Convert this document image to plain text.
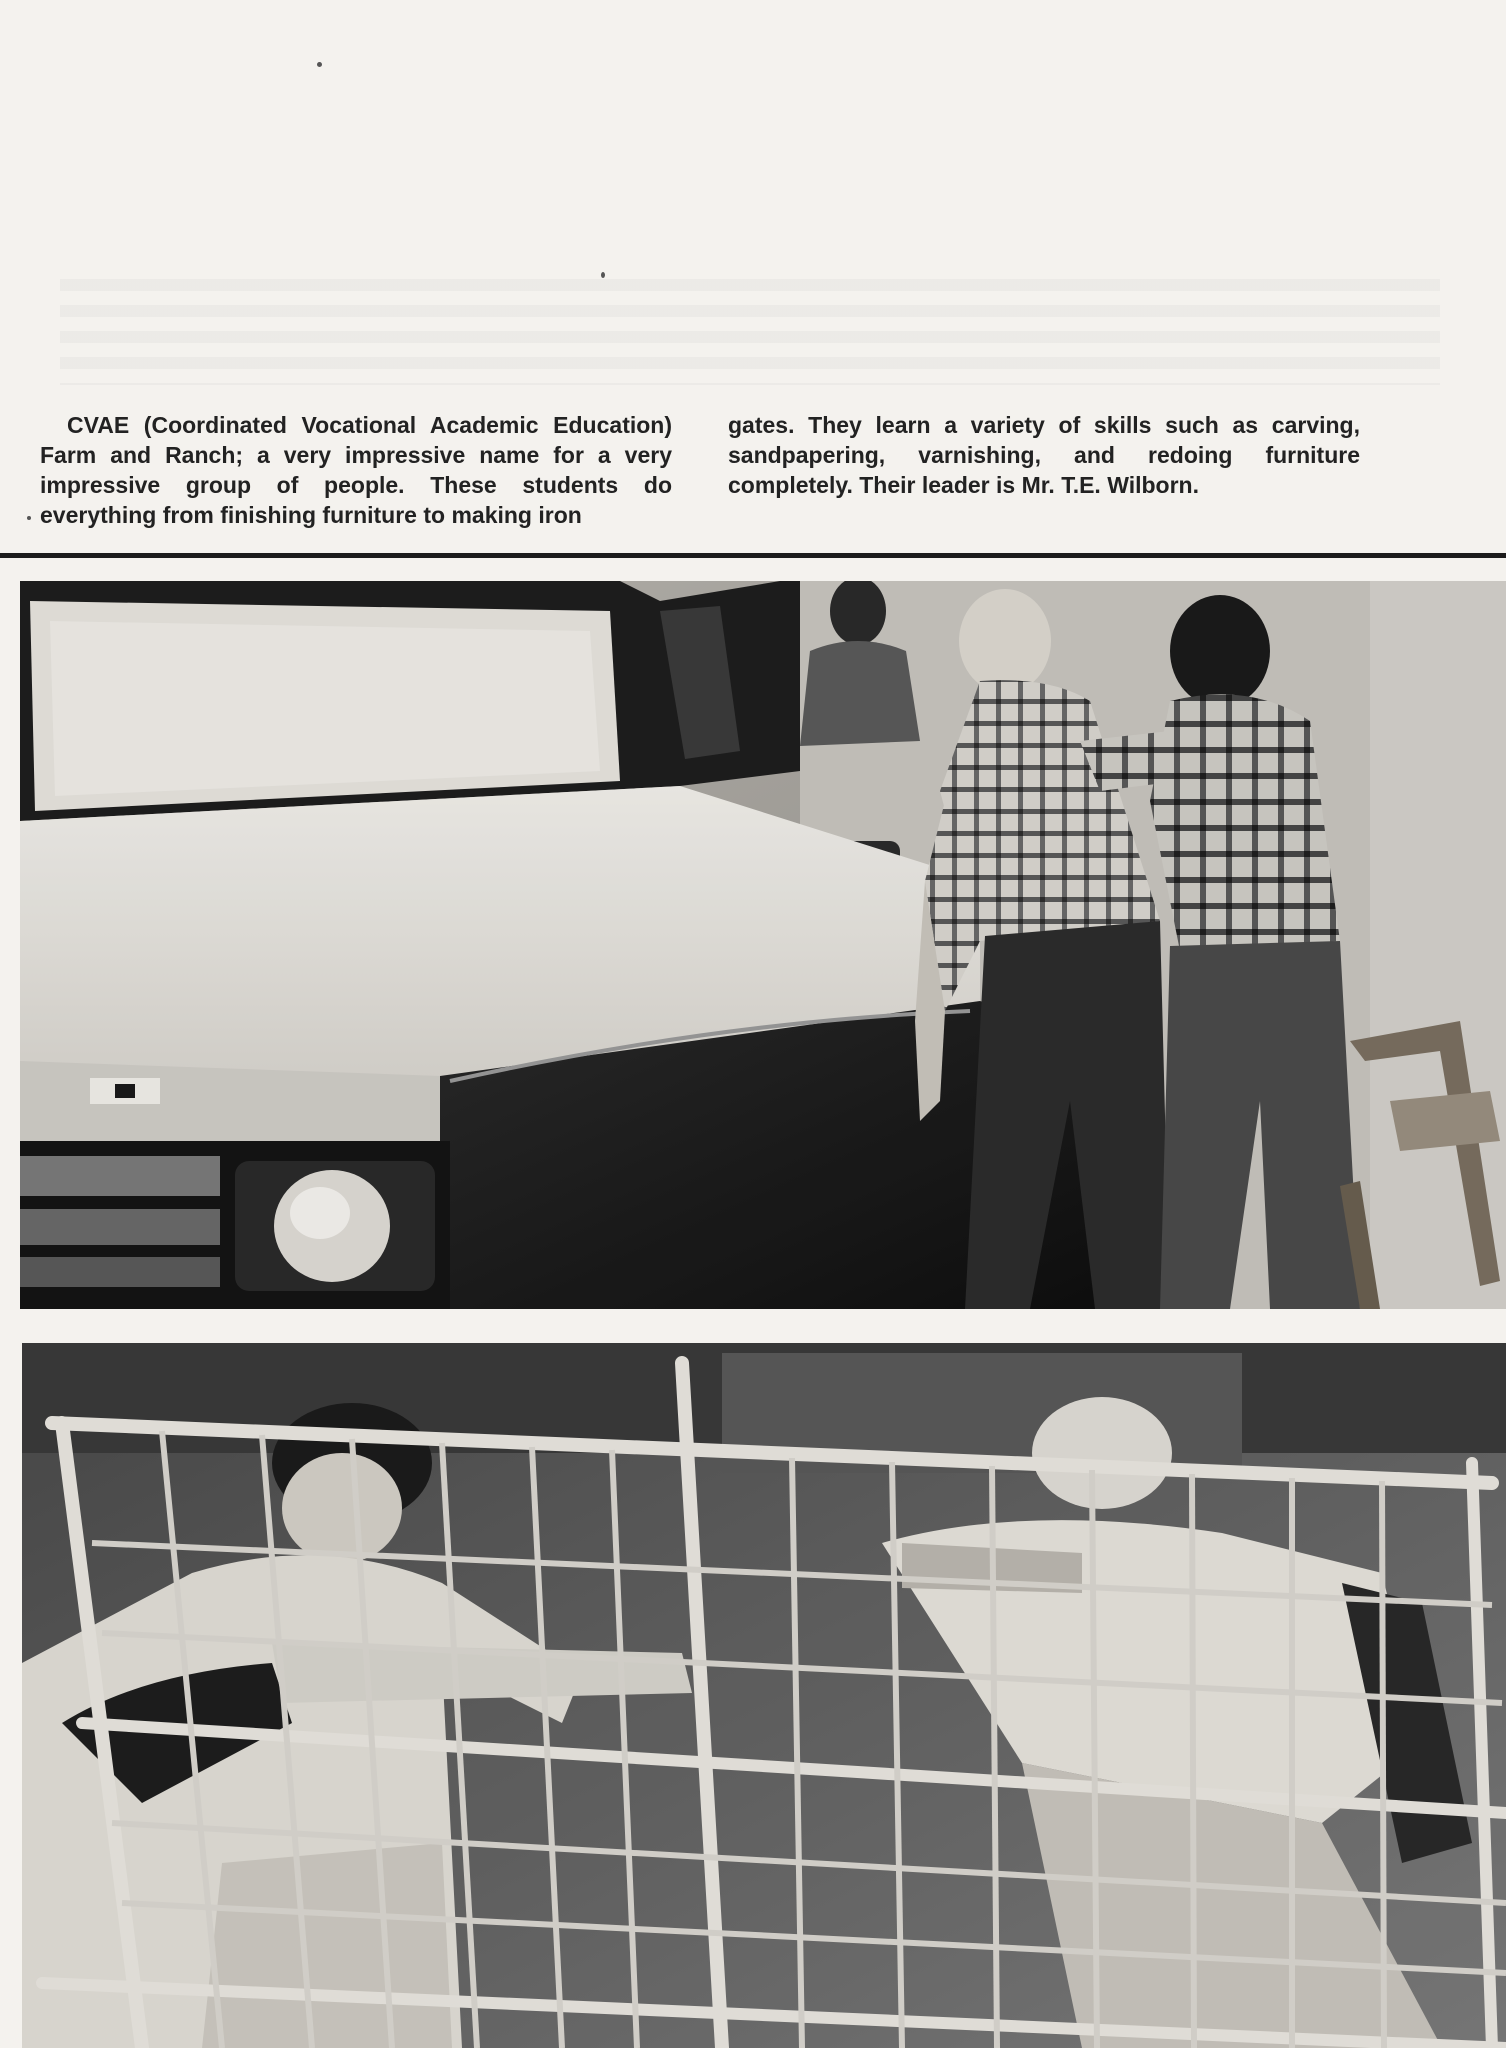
CVAE (Coordinated Vocational Academic Education) Farm and Ranch; a very impressive name for a very impressive group of people. These students do everything from finishing furniture to making iron

gates. They learn a variety of skills such as carving, sandpapering, varnishing, and redoing furniture completely. Their leader is Mr. T.E. Wilborn.
